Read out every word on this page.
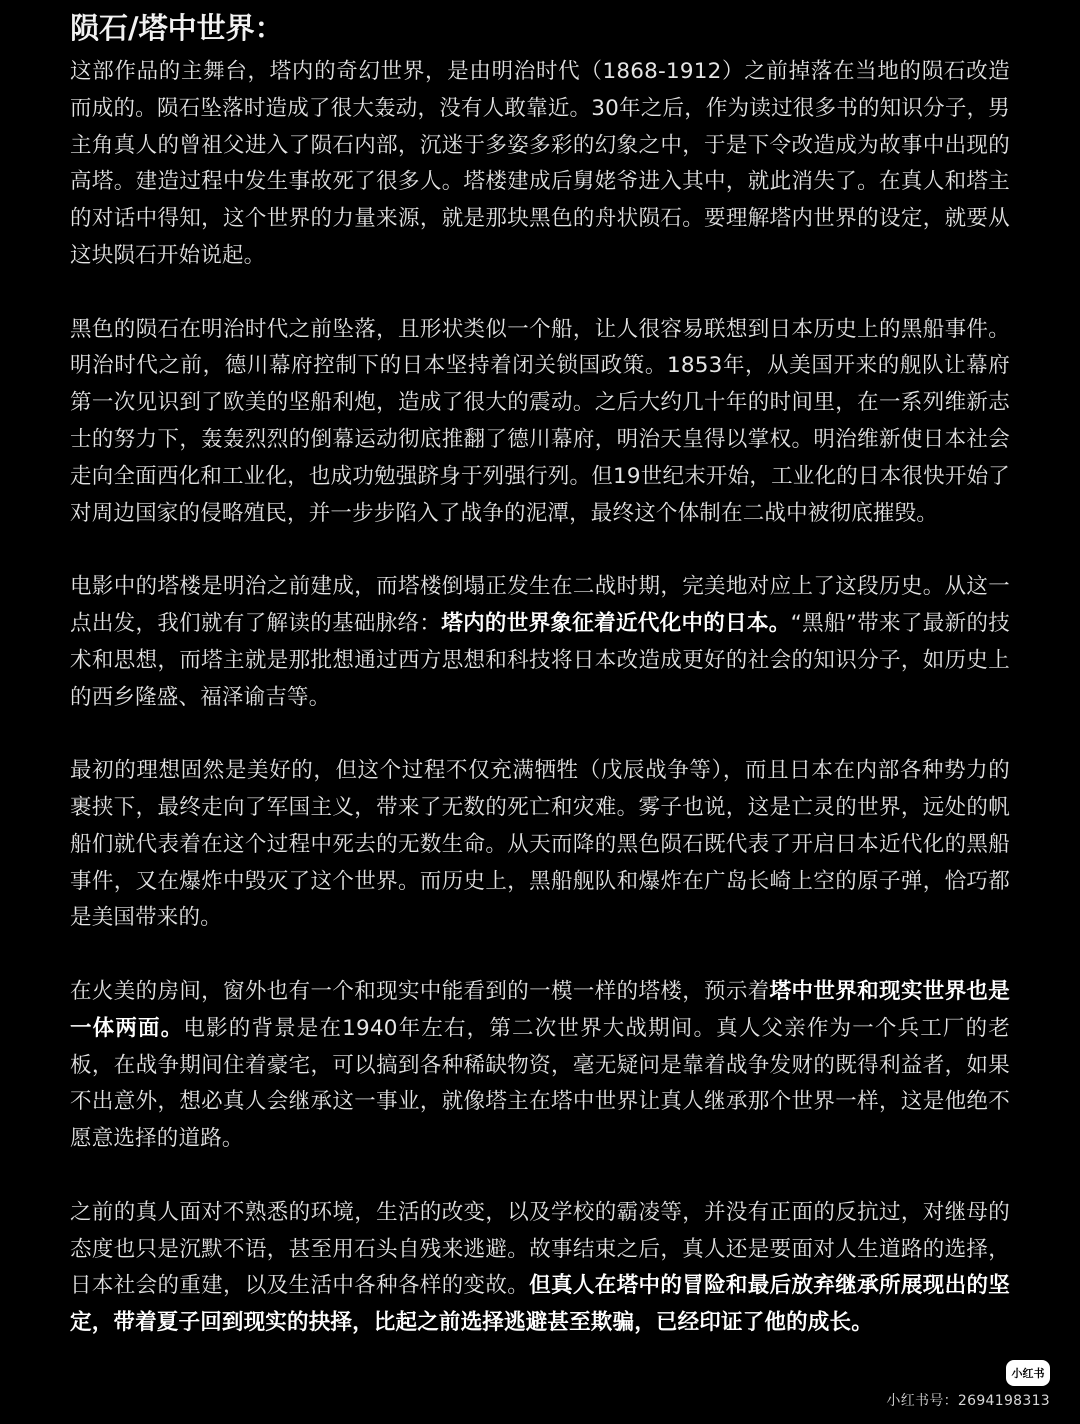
陨石/塔中世界：

这部作品的主舞台，塔内的奇幻世界，是由明治时代（1868-1912）之前掉落在当地的陨石改造而成的。陨石坠落时造成了很大轰动，没有人敢靠近。30年之后，作为读过很多书的知识分子，男主角真人的曾祖父进入了陨石内部，沉迷于多姿多彩的幻象之中，于是下令改造成为故事中出现的高塔。建造过程中发生事故死了很多人。塔楼建成后舅姥爷进入其中，就此消失了。在真人和塔主的对话中得知，这个世界的力量来源，就是那块黑色的舟状陨石。要理解塔内世界的设定，就要从这块陨石开始说起。

黑色的陨石在明治时代之前坠落，且形状类似一个船，让人很容易联想到日本历史上的黑船事件。明治时代之前，德川幕府控制下的日本坚持着闭关锁国政策。1853年，从美国开来的舰队让幕府第一次见识到了欧美的坚船利炮，造成了很大的震动。之后大约几十年的时间里，在一系列维新志士的努力下，轰轰烈烈的倒幕运动彻底推翻了德川幕府，明治天皇得以掌权。明治维新使日本社会走向全面西化和工业化，也成功勉强跻身于列强行列。但19世纪末开始，工业化的日本很快开始了对周边国家的侵略殖民，并一步步陷入了战争的泥潭，最终这个体制在二战中被彻底摧毁。

电影中的塔楼是明治之前建成，而塔楼倒塌正发生在二战时期，完美地对应上了这段历史。从这一点出发，我们就有了解读的基础脉络：塔内的世界象征着近代化中的日本。“黑船”带来了最新的技术和思想，而塔主就是那批想通过西方思想和科技将日本改造成更好的社会的知识分子，如历史上的西乡隆盛、福泽谕吉等。

最初的理想固然是美好的，但这个过程不仅充满牺牲（戊辰战争等），而且日本在内部各种势力的裹挟下，最终走向了军国主义，带来了无数的死亡和灾难。雾子也说，这是亡灵的世界，远处的帆船们就代表着在这个过程中死去的无数生命。从天而降的黑色陨石既代表了开启日本近代化的黑船事件，又在爆炸中毁灭了这个世界。而历史上，黑船舰队和爆炸在广岛长崎上空的原子弹，恰巧都是美国带来的。

在火美的房间，窗外也有一个和现实中能看到的一模一样的塔楼，预示着塔中世界和现实世界也是一体两面。电影的背景是在1940年左右，第二次世界大战期间。真人父亲作为一个兵工厂的老板，在战争期间住着豪宅，可以搞到各种稀缺物资，毫无疑问是靠着战争发财的既得利益者，如果不出意外，想必真人会继承这一事业，就像塔主在塔中世界让真人继承那个世界一样，这是他绝不愿意选择的道路。

之前的真人面对不熟悉的环境，生活的改变，以及学校的霸凌等，并没有正面的反抗过，对继母的态度也只是沉默不语，甚至用石头自残来逃避。故事结束之后，真人还是要面对人生道路的选择，日本社会的重建，以及生活中各种各样的变故。但真人在塔中的冒险和最后放弃继承所展现出的坚定，带着夏子回到现实的抉择，比起之前选择逃避甚至欺骗，已经印证了他的成长。

小红书
小红书号：2694198313
